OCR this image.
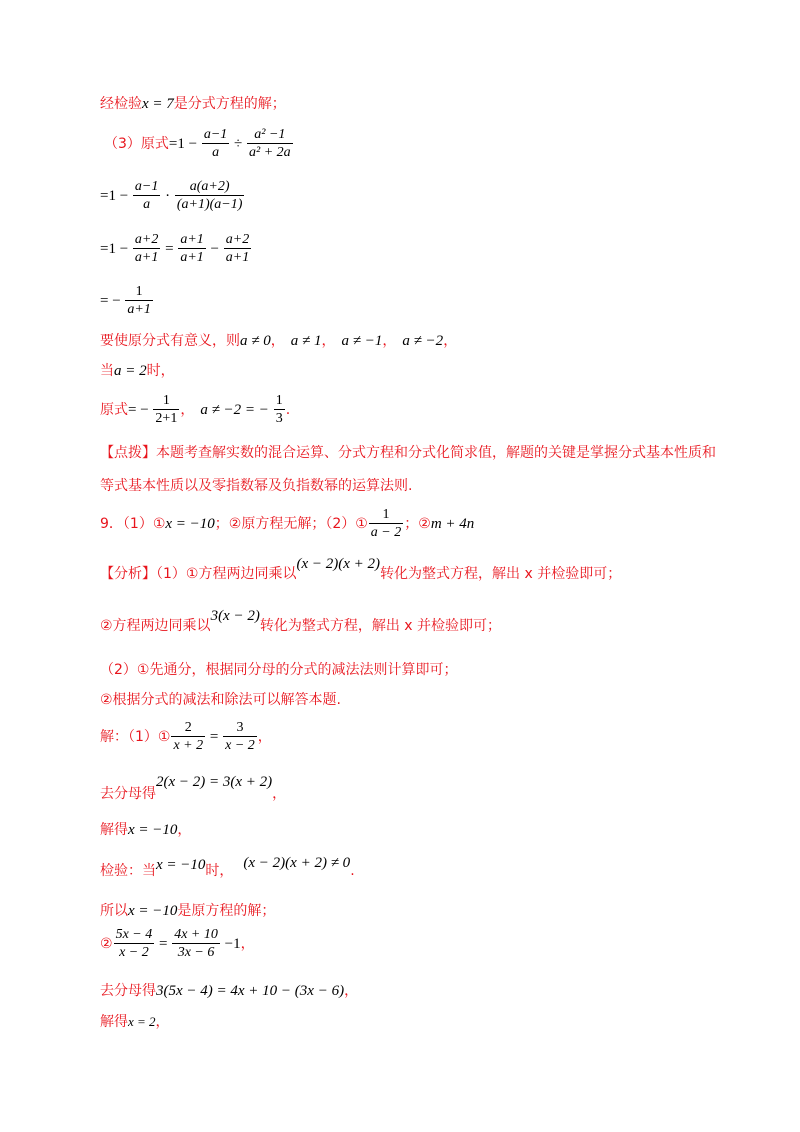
经检验x = 7是分式方程的解；
（3）原式$=1 - \frac{a-1}{a} \div \frac{\text{a² −1}}{\text{a² + 2a}}$
$=1 - \frac{a-1}{a} \cdot \frac{a(a+2)}{(a+1)(a-1)}$
$=1 - \frac{a+2}{a+1} = \frac{a+1}{a+1} - \frac{a+2}{a+1}$
= − $\frac{1}{a+1}$
要使原分式有意义，则a ≠ 0， a ≠ 1， a ≠ −1， a ≠ −2，
当a = 2时，
原式= − $\frac{1}{2+1}$ ， a ≠ −2 = − $\frac{1}{3}$ .
【点拨】本题考查解实数的混合运算、分式方程和分式化简求值，解题的关键是掌握分式基本性质和
等式基本性质以及零指数幂及负指数幂的运算法则.
9．（1）①x = −10；②原方程无解；（2）① $\frac{1}{a - 2}$ ；②m + 4n
【分析】（1）①方程两边同乘以(x − 2)(x + 2)转化为整式方程，解出 x 并检验即可；
②方程两边同乘以3(x − 2)转化为整式方程，解出 x 并检验即可；
（2）①先通分，根据同分母的分式的减法法则计算即可；
②根据分式的减法和除法可以解答本题.
解：（1）① $\frac{2}{x + 2} = \frac{3}{x - 2}$ ，
去分母得2(x − 2) = 3(x + 2)，
解得x = −10，
检验：当x = −10时， (x − 2)(x + 2) ≠ 0.
所以x = −10是原方程的解；
② $\frac{5x - 4}{x - 2} = \frac{4x + 10}{3x - 6} -1$，
去分母得3(5x − 4) = 4x + 10 − (3x − 6)，
解得x = 2，
